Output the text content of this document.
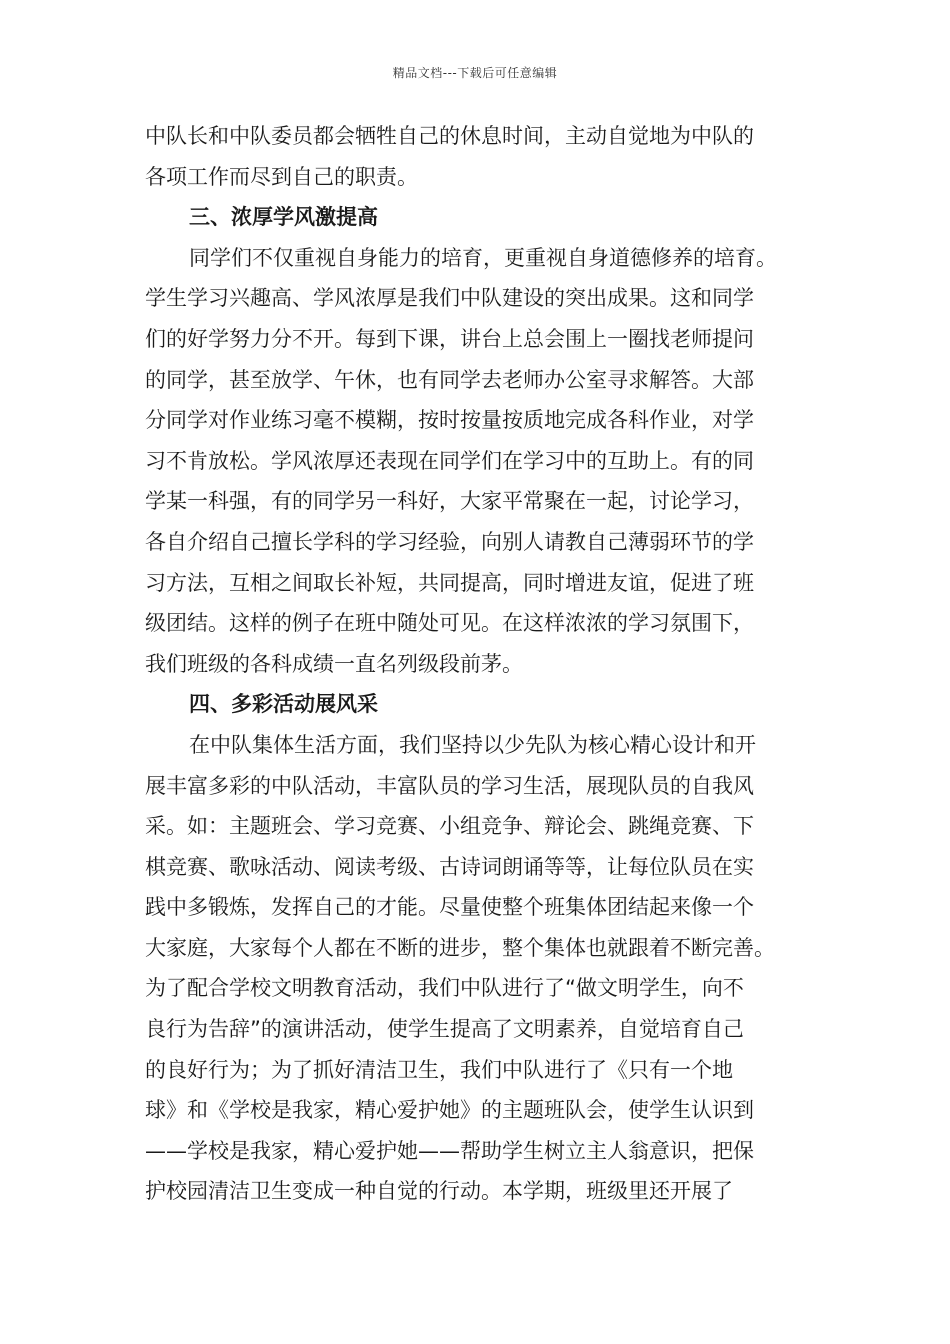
精品文档---下载后可任意编辑
中队长和中队委员都会牺牲自己的休息时间，主动自觉地为中队的
各项工作而尽到自己的职责。
三、浓厚学风激提高
同学们不仅重视自身能力的培育，更重视自身道德修养的培育。
学生学习兴趣高、学风浓厚是我们中队建设的突出成果。这和同学
们的好学努力分不开。每到下课，讲台上总会围上一圈找老师提问
的同学，甚至放学、午休，也有同学去老师办公室寻求解答。大部
分同学对作业练习毫不模糊，按时按量按质地完成各科作业，对学
习不肯放松。学风浓厚还表现在同学们在学习中的互助上。有的同
学某一科强，有的同学另一科好，大家平常聚在一起，讨论学习，
各自介绍自己擅长学科的学习经验，向别人请教自己薄弱环节的学
习方法，互相之间取长补短，共同提高，同时增进友谊，促进了班
级团结。这样的例子在班中随处可见。在这样浓浓的学习氛围下，
我们班级的各科成绩一直名列级段前茅。
四、多彩活动展风采
在中队集体生活方面，我们坚持以少先队为核心精心设计和开
展丰富多彩的中队活动，丰富队员的学习生活，展现队员的自我风
采。如：主题班会、学习竞赛、小组竞争、辩论会、跳绳竞赛、下
棋竞赛、歌咏活动、阅读考级、古诗词朗诵等等，让每位队员在实
践中多锻炼，发挥自己的才能。尽量使整个班集体团结起来像一个
大家庭，大家每个人都在不断的进步，整个集体也就跟着不断完善。
为了配合学校文明教育活动，我们中队进行了“做文明学生，向不
良行为告辞”的演讲活动，使学生提高了文明素养，自觉培育自己
的良好行为；为了抓好清洁卫生，我们中队进行了《只有一个地
球》和《学校是我家，精心爱护她》的主题班队会，使学生认识到
——学校是我家，精心爱护她——帮助学生树立主人翁意识，把保
护校园清洁卫生变成一种自觉的行动。本学期，班级里还开展了
